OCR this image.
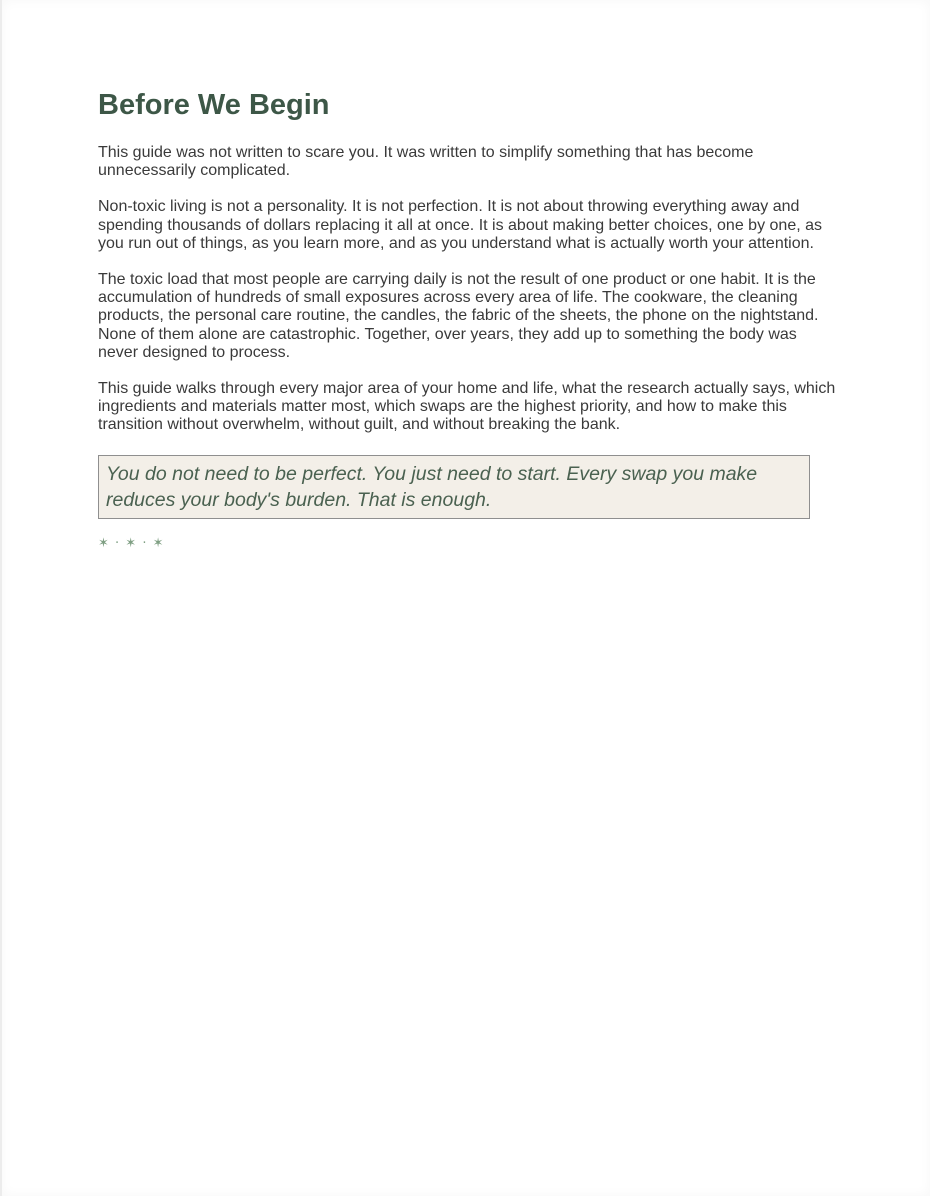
Before We Begin

This guide was not written to scare you. It was written to simplify something that has become unnecessarily complicated.

Non-toxic living is not a personality. It is not perfection. It is not about throwing everything away and spending thousands of dollars replacing it all at once. It is about making better choices, one by one, as you run out of things, as you learn more, and as you understand what is actually worth your attention.

The toxic load that most people are carrying daily is not the result of one product or one habit. It is the accumulation of hundreds of small exposures across every area of life. The cookware, the cleaning products, the personal care routine, the candles, the fabric of the sheets, the phone on the nightstand. None of them alone are catastrophic. Together, over years, they add up to something the body was never designed to process.

This guide walks through every major area of your home and life, what the research actually says, which ingredients and materials matter most, which swaps are the highest priority, and how to make this transition without overwhelm, without guilt, and without breaking the bank.

You do not need to be perfect. You just need to start. Every swap you make reduces your body's burden. That is enough.
✶ · ✶ · ✶
